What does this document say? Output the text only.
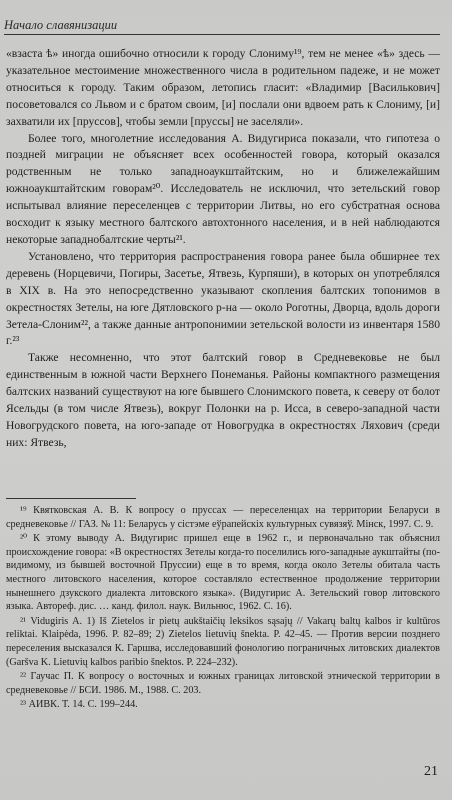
Начало славянизации

«взаста ѣ» иногда ошибочно относили к городу Слониму¹⁹, тем не менее «ѣ» здесь — указательное местоимение множественного числа в родительном падеже, и не может относиться к городу. Таким образом, летопись гласит: «Владимир [Василькович] посоветовался со Львом и с братом своим, [и] послали они вдвоем рать к Слониму, [и] захватили их [пруссов], чтобы земли [пруссы] не заселяли».

Более того, многолетние исследования А. Видугириса показали, что гипотеза о поздней миграции не объясняет всех особенностей говора, который оказался родственным не только западноаукштайтским, но и ближележайшим южноаукштайтским говорам²⁰. Исследователь не исключил, что зетельский говор испытывал влияние переселенцев с территории Литвы, но его субстратная основа восходит к языку местного балтского автохтонного населения, и в ней наблюдаются некоторые западнобалтские черты²¹.

Установлено, что территория распространения говора ранее была обширнее тех деревень (Норцевичи, Погиры, Засетье, Ятвезь, Курпяши), в которых он употреблялся в XIX в. На это непосредственно указывают скопления балтских топонимов в окрестностях Зетелы, на юге Дятловского р-на — около Роготны, Дворца, вдоль дороги Зетела-Слоним²², а также данные антропонимии зетельской волости из инвентаря 1580 г.²³

Также несомненно, что этот балтский говор в Средневековье не был единственным в южной части Верхнего Понеманья. Районы компактного размещения балтских названий существуют на юге бывшего Слонимского повета, к северу от болот Ясельды (в том числе Ятвезь), вокруг Полонки на р. Исса, в северо-западной части Новогрудского повета, на юго-западе от Новогрудка в окрестностях Ляхович (среди них: Ятвезь,

¹⁹ Квятковская А. В. К вопросу о пруссах — переселенцах на территории Беларуси в средневековье // ГАЗ. № 11: Беларусь у сістэме еўрапейскіх культурных сувязяў. Мінск, 1997. С. 9.

²⁰ К этому выводу А. Видугирис пришел еще в 1962 г., и первоначально так объяснил происхождение говора: «В окрестностях Зетелы когда-то поселились юго-западные аукштайты (по-видимому, из бывшей восточной Пруссии) еще в то время, когда около Зетелы обитала часть местного литовского населения, которое составляло естественное продолжение территории нынешнего дзукского диалекта литовского языка». (Видугирис А. Зетельский говор литовского языка. Автореф. дис. … канд. филол. наук. Вильнюс, 1962. С. 16).

²¹ Vidugiris A. 1) Iš Zietelos ir pietų aukštaičių leksikos sąsajų // Vakarų baltų kalbos ir kultūros reliktai. Klaipėda, 1996. P. 82–89; 2) Zietelos lietuvių šnekta. P. 42–45. — Против версии позднего переселения высказался К. Гаршва, исследовавший фонологию пограничных литовских диалектов (Garšva K. Lietuvių kalbos paribio šnektos. P. 224–232).

²² Гаучас П. К вопросу о восточных и южных границах литовской этнической территории в средневековье // БСИ. 1986. М., 1988. С. 203.

²³ АИВК. Т. 14. С. 199–244.

21
